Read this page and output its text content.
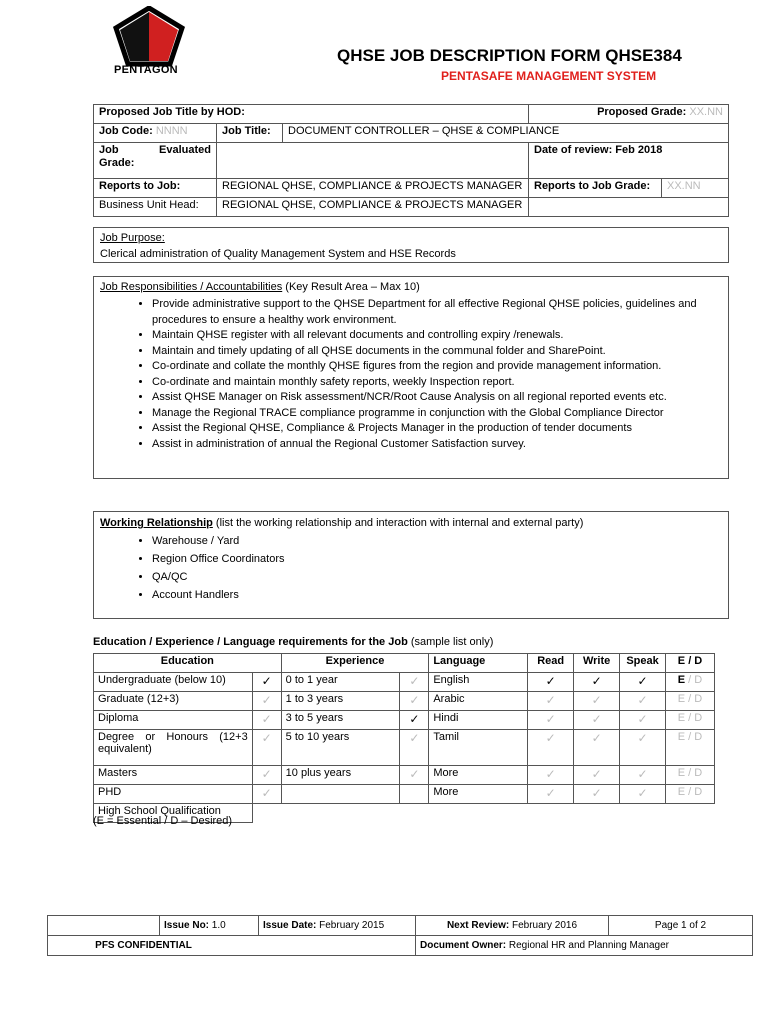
PENTAGON
QHSE JOB DESCRIPTION FORM QHSE384
PENTASAFE MANAGEMENT SYSTEM
Proposed Job Title by HOD:			Proposed Grade: XX.NN	
Job Code: NNNN	Job Title:	DOCUMENT CONTROLLER – QHSE & COMPLIANCE		

Job Evaluated
Grade:			Date of review: Feb 2018	
Reports to Job:	REGIONAL QHSE, COMPLIANCE & PROJECTS MANAGER		Reports to Job Grade:	XX.NN
Business Unit Head:	REGIONAL QHSE, COMPLIANCE & PROJECTS MANAGER			
Job Purpose:
Clerical administration of Quality Management System and HSE Records
Job Responsibilities / Accountabilities (Key Result Area – Max 10)
• Provide administrative support to the QHSE Department for all effective Regional QHSE policies, guidelines and procedures to ensure a healthy work environment.
• Maintain QHSE register with all relevant documents and controlling expiry /renewals.
• Maintain and timely updating of all QHSE documents in the communal folder and SharePoint.
• Co-ordinate and collate the monthly QHSE figures from the region and provide management information.
• Co-ordinate and maintain monthly safety reports, weekly Inspection report.
• Assist QHSE Manager on Risk assessment/NCR/Root Cause Analysis on all regional reported events etc.
• Manage the Regional TRACE compliance programme in conjunction with the Global Compliance Director
• Assist the Regional QHSE, Compliance & Projects Manager in the production of tender documents
• Assist in administration of annual the Regional Customer Satisfaction survey.
Working Relationship (list the working relationship and interaction with internal and external party)
• Warehouse / Yard
• Region Office Coordinators
• QA/QC
• Account Handlers
Education / Experience / Language requirements for the Job (sample list only)
Education		Experience		Language	Read	Write	Speak	E / D
Undergraduate (below 10)	✓	0 to 1 year	✓	English	✓	✓	✓	E / D
Graduate (12+3)	✓	1 to 3 years	✓	Arabic	✓	✓	✓	E / D
Diploma	✓	3 to 5 years	✓	Hindi	✓	✓	✓	E / D

Degree or Honours (12+3 equivalent)	✓	5 to 10 years	✓	Tamil	✓	✓	✓	E / D
Masters	✓	10 plus years	✓	More	✓	✓	✓	E / D
PHD	✓			More	✓	✓	✓	E / D
High School Qualification								
(E = Essential / D – Desired)
	Issue No: 1.0	Issue Date: February 2015	Next Review: February 2016	Page 1 of 2
PFS CONFIDENTIAL			Document Owner: Regional HR and Planning Manager	
